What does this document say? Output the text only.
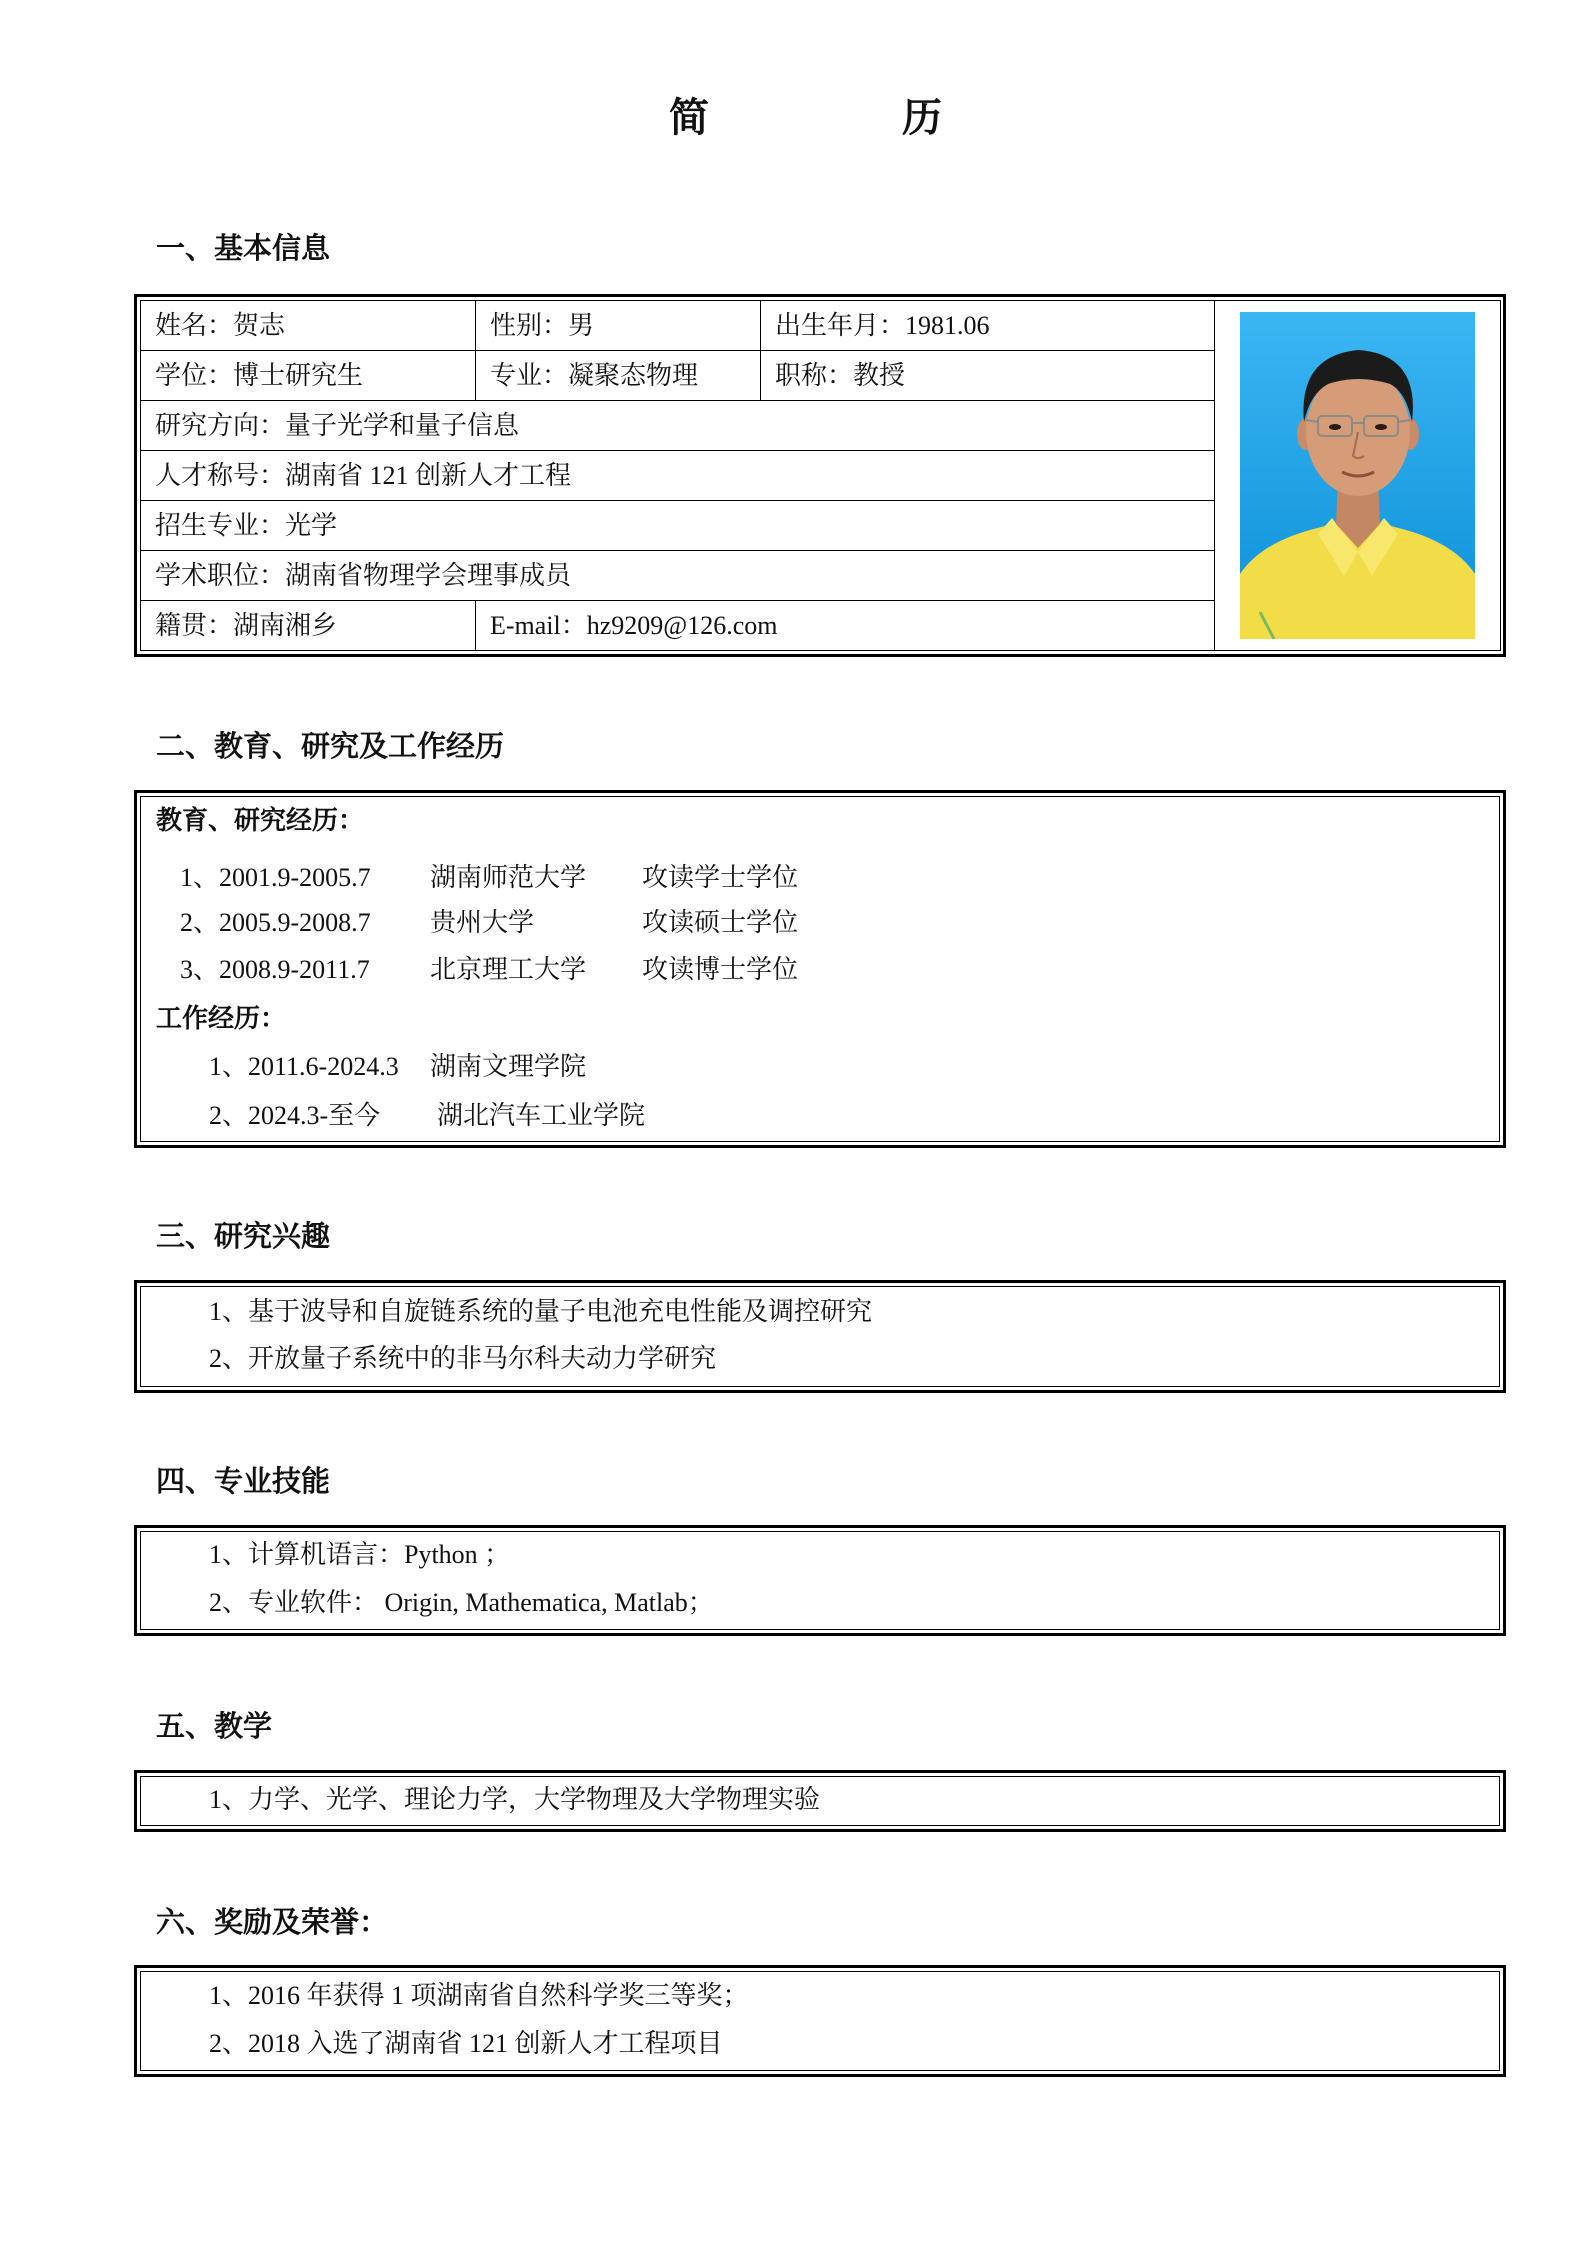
简	历
一、基本信息
姓名：贺志	性别：男	出生年月：1981.06	

学位：博士研究生	专业：凝聚态物理	职称：教授	
研究方向：量子光学和量子信息			
人才称号：湖南省 121 创新人才工程			
招生专业：光学			
学术职位：湖南省物理学会理事成员			
籍贯：湖南湘乡	E-mail：hz9209@126.com		
二、教育、研究及工作经历
教育、研究经历：
1、2001.9-2005.7 湖南师范大学 攻读学士学位
2、2005.9-2008.7 贵州大学	攻读硕士学位
3、2008.9-2011.7 北京理工大学 攻读博士学位
工作经历：
1、2011.6-2024.3 湖南文理学院
2、2024.3-至今 湖北汽车工业学院
三、研究兴趣
1、基于波导和自旋链系统的量子电池充电性能及调控研究
2、开放量子系统中的非马尔科夫动力学研究
四、专业技能
1、计算机语言：Python ；
2、专业软件： Origin, Mathematica, Matlab；
五、教学
1、力学、光学、理论力学，大学物理及大学物理实验
六、奖励及荣誉：
1、2016 年获得 1 项湖南省自然科学奖三等奖；
2、2018 入选了湖南省 121 创新人才工程项目
